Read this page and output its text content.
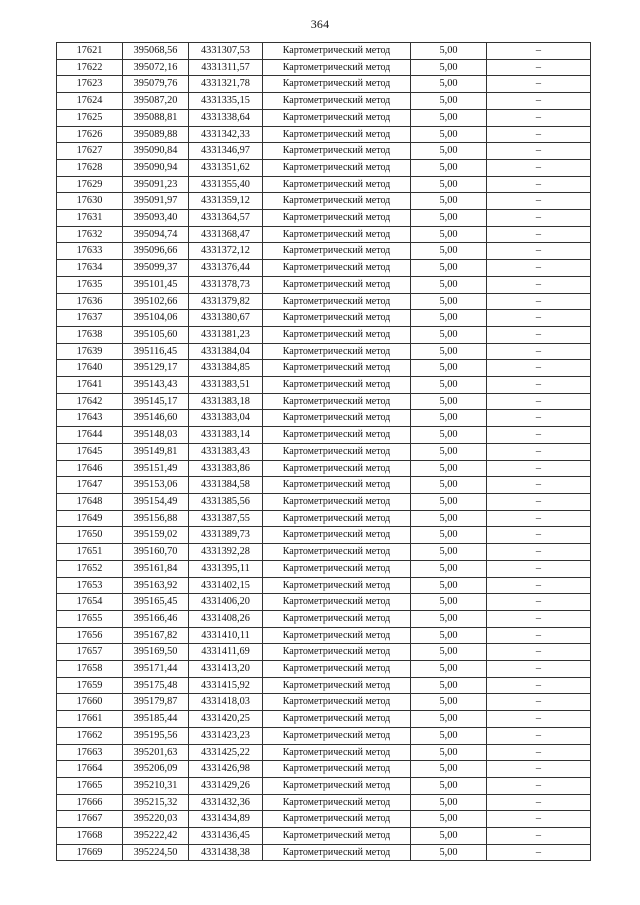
364
17621	395068,56	4331307,53	Картометрический метод	5,00	–
17622	395072,16	4331311,57	Картометрический метод	5,00	–
17623	395079,76	4331321,78	Картометрический метод	5,00	–
17624	395087,20	4331335,15	Картометрический метод	5,00	–
17625	395088,81	4331338,64	Картометрический метод	5,00	–
17626	395089,88	4331342,33	Картометрический метод	5,00	–
17627	395090,84	4331346,97	Картометрический метод	5,00	–
17628	395090,94	4331351,62	Картометрический метод	5,00	–
17629	395091,23	4331355,40	Картометрический метод	5,00	–
17630	395091,97	4331359,12	Картометрический метод	5,00	–
17631	395093,40	4331364,57	Картометрический метод	5,00	–
17632	395094,74	4331368,47	Картометрический метод	5,00	–
17633	395096,66	4331372,12	Картометрический метод	5,00	–
17634	395099,37	4331376,44	Картометрический метод	5,00	–
17635	395101,45	4331378,73	Картометрический метод	5,00	–
17636	395102,66	4331379,82	Картометрический метод	5,00	–
17637	395104,06	4331380,67	Картометрический метод	5,00	–
17638	395105,60	4331381,23	Картометрический метод	5,00	–
17639	395116,45	4331384,04	Картометрический метод	5,00	–
17640	395129,17	4331384,85	Картометрический метод	5,00	–
17641	395143,43	4331383,51	Картометрический метод	5,00	–
17642	395145,17	4331383,18	Картометрический метод	5,00	–
17643	395146,60	4331383,04	Картометрический метод	5,00	–
17644	395148,03	4331383,14	Картометрический метод	5,00	–
17645	395149,81	4331383,43	Картометрический метод	5,00	–
17646	395151,49	4331383,86	Картометрический метод	5,00	–
17647	395153,06	4331384,58	Картометрический метод	5,00	–
17648	395154,49	4331385,56	Картометрический метод	5,00	–
17649	395156,88	4331387,55	Картометрический метод	5,00	–
17650	395159,02	4331389,73	Картометрический метод	5,00	–
17651	395160,70	4331392,28	Картометрический метод	5,00	–
17652	395161,84	4331395,11	Картометрический метод	5,00	–
17653	395163,92	4331402,15	Картометрический метод	5,00	–
17654	395165,45	4331406,20	Картометрический метод	5,00	–
17655	395166,46	4331408,26	Картометрический метод	5,00	–
17656	395167,82	4331410,11	Картометрический метод	5,00	–
17657	395169,50	4331411,69	Картометрический метод	5,00	–
17658	395171,44	4331413,20	Картометрический метод	5,00	–
17659	395175,48	4331415,92	Картометрический метод	5,00	–
17660	395179,87	4331418,03	Картометрический метод	5,00	–
17661	395185,44	4331420,25	Картометрический метод	5,00	–
17662	395195,56	4331423,23	Картометрический метод	5,00	–
17663	395201,63	4331425,22	Картометрический метод	5,00	–
17664	395206,09	4331426,98	Картометрический метод	5,00	–
17665	395210,31	4331429,26	Картометрический метод	5,00	–
17666	395215,32	4331432,36	Картометрический метод	5,00	–
17667	395220,03	4331434,89	Картометрический метод	5,00	–
17668	395222,42	4331436,45	Картометрический метод	5,00	–
17669	395224,50	4331438,38	Картометрический метод	5,00	–
